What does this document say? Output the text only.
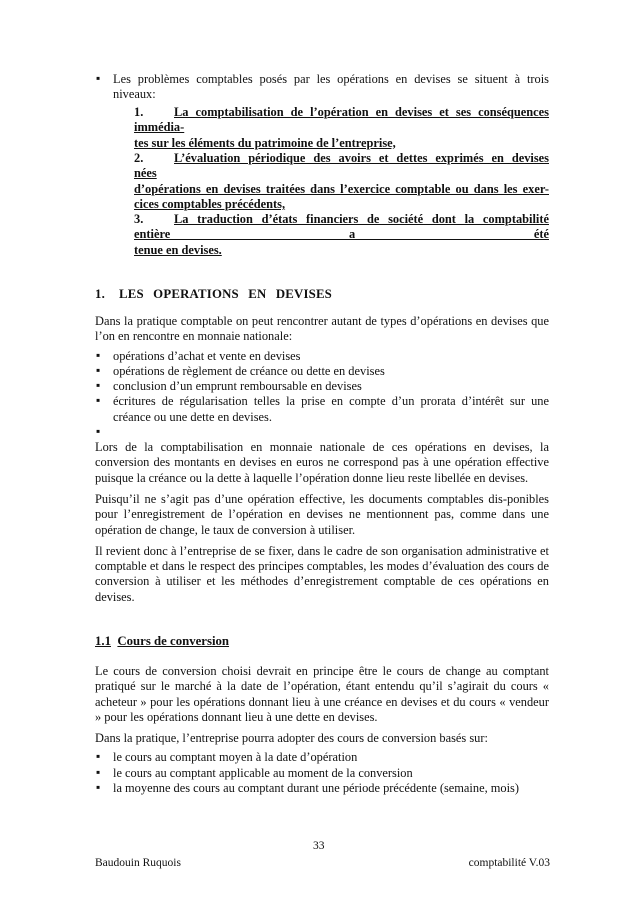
▪ Les problèmes comptables posés par les opérations en devises se situent à trois niveaux:
1. La comptabilisation de l’opération en devises et ses conséquences
immédia-
tes sur les éléments du patrimoine de l’entreprise,
2. L’évaluation périodique des avoirs et dettes exprimés en devises
nées
d’opérations en devises traitées dans l’exercice comptable ou dans les exer-
cices comptables précédents,
3. La traduction d’états financiers de société dont la comptabilité
entière a été
tenue en devises.
1. LES OPERATIONS EN DEVISES

Dans la pratique comptable on peut rencontrer autant de types d’opérations en devises que l’on en rencontre en monnaie nationale:

▪ opérations d’achat et vente en devises
▪ opérations de règlement de créance ou dette en devises
▪ conclusion d’un emprunt remboursable en devises
▪ écritures de régularisation telles la prise en compte d’un prorata d’intérêt sur une créance ou une dette en devises.
▪

Lors de la comptabilisation en monnaie nationale de ces opérations en devises, la conversion des montants en devises en euros ne correspond pas à une opération effective puisque la créance ou la dette à laquelle l’opération donne lieu reste libellée en devises.

Puisqu’il ne s’agit pas d’une opération effective, les documents comptables dis-ponibles pour l’enregistrement de l’opération en devises ne mentionnent pas, comme dans une opération de change, le taux de conversion à utiliser.

Il revient donc à l’entreprise de se fixer, dans le cadre de son organisation administrative et comptable et dans le respect des principes comptables, les modes d’évaluation des cours de conversion à utiliser et les méthodes d’enregistrement comptable de ces opérations en devises.

1.1 Cours de conversion

Le cours de conversion choisi devrait en principe être le cours de change au comptant pratiqué sur le marché à la date de l’opération, étant entendu qu’il s’agirait du cours « acheteur » pour les opérations donnant lieu à une créance en devises et du cours « vendeur » pour les opérations donnant lieu à une dette en devises.

Dans la pratique, l’entreprise pourra adopter des cours de conversion basés sur:

▪ le cours au comptant moyen à la date d’opération
▪ le cours au comptant applicable au moment de la conversion
▪ la moyenne des cours au comptant durant une période précédente (semaine, mois)
33
Baudouin Ruquois	comptabilité V.03
